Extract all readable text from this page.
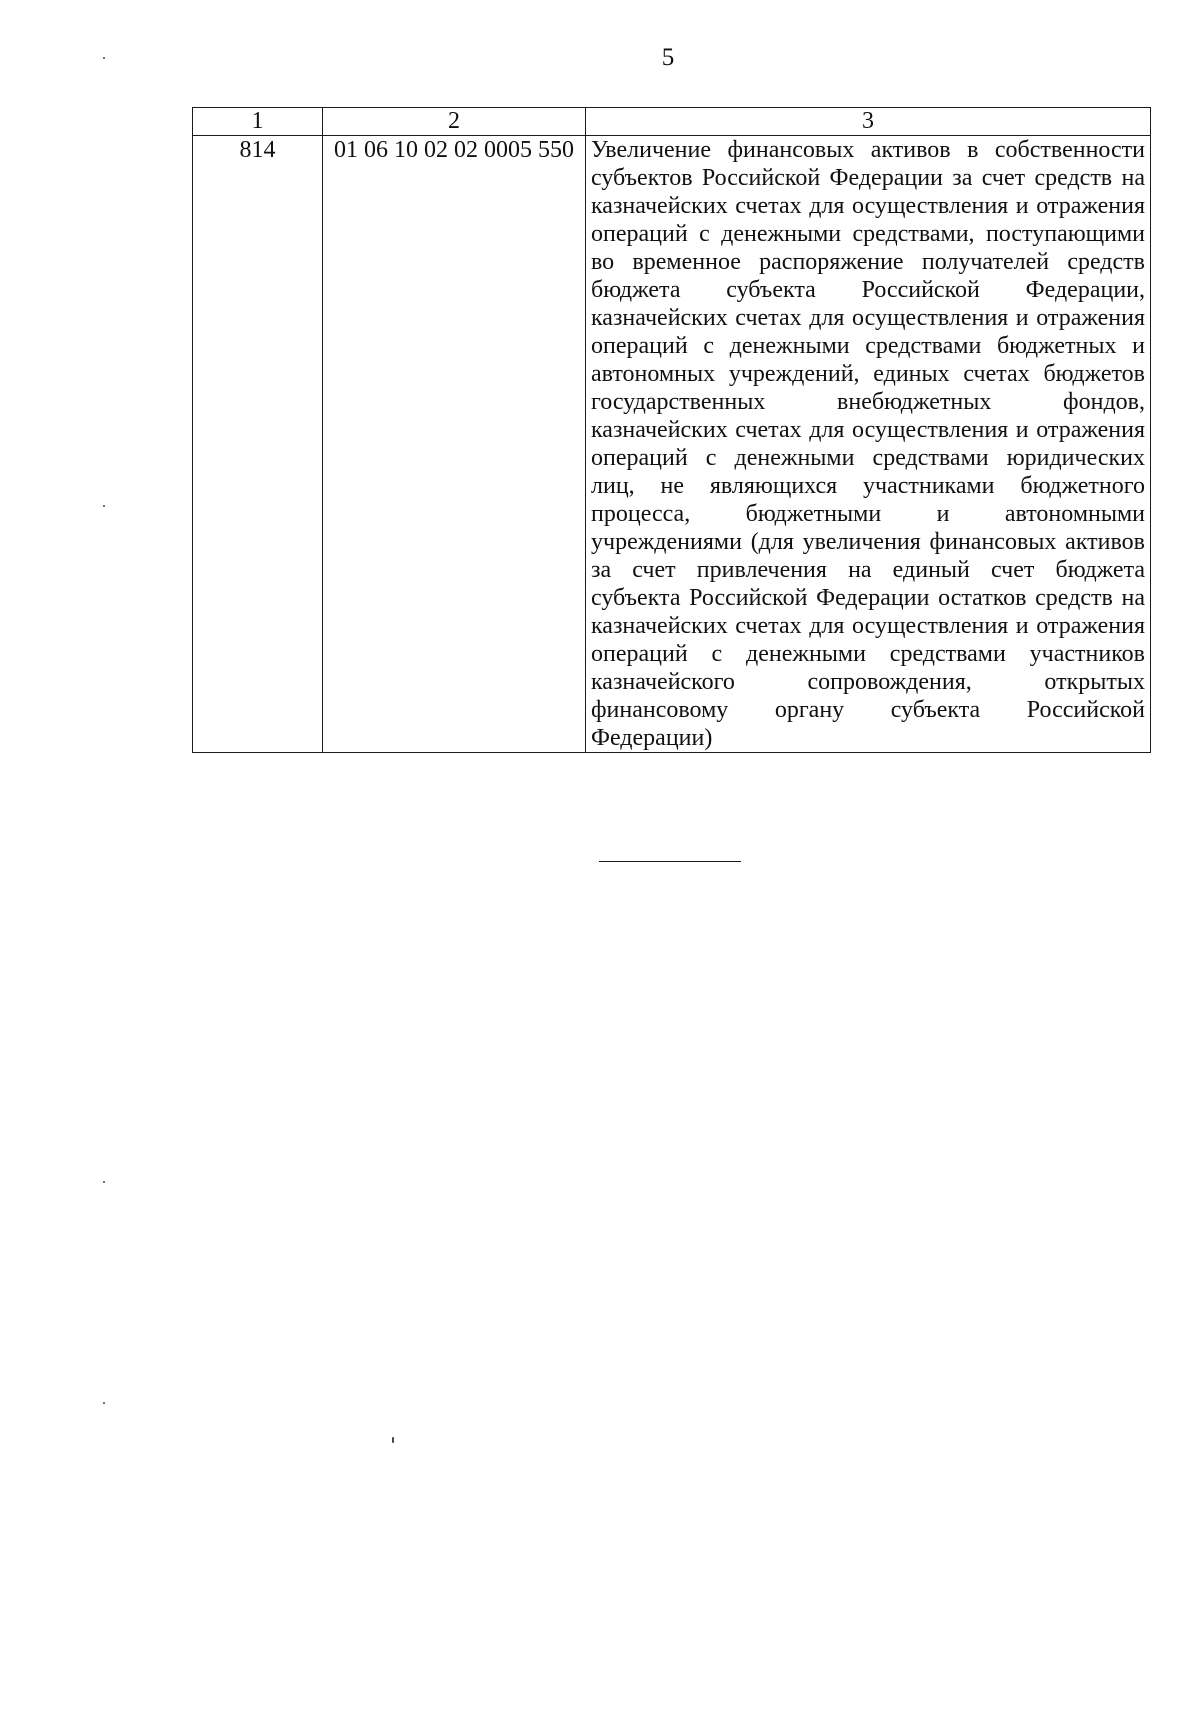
5
1	2	3
814	01 06 10 02 02 0005 550	Увеличение финансовых активов в собственности субъектов Российской Федерации за счет средств на казначейских счетах для осуществления и отражения операций с денежными средствами, поступающими во временное распоряжение получателей средств бюджета субъекта Российской Федерации, казначейских счетах для осуществления и отражения операций с денежными средствами бюджетных и автономных учреждений, единых счетах бюджетов государственных внебюджетных фондов, казначейских счетах для осуществления и отражения операций с денежными средствами юридических лиц, не являющихся участниками бюджетного процесса, бюджетными и автономными учреждениями (для увеличения финансовых активов за счет привлечения на единый счет бюджета субъекта Российской Федерации остатков средств на казначейских счетах для осуществления и отражения операций с денежными средствами участников казначейского сопровождения, открытых финансовому органу субъекта Российской Федерации)
